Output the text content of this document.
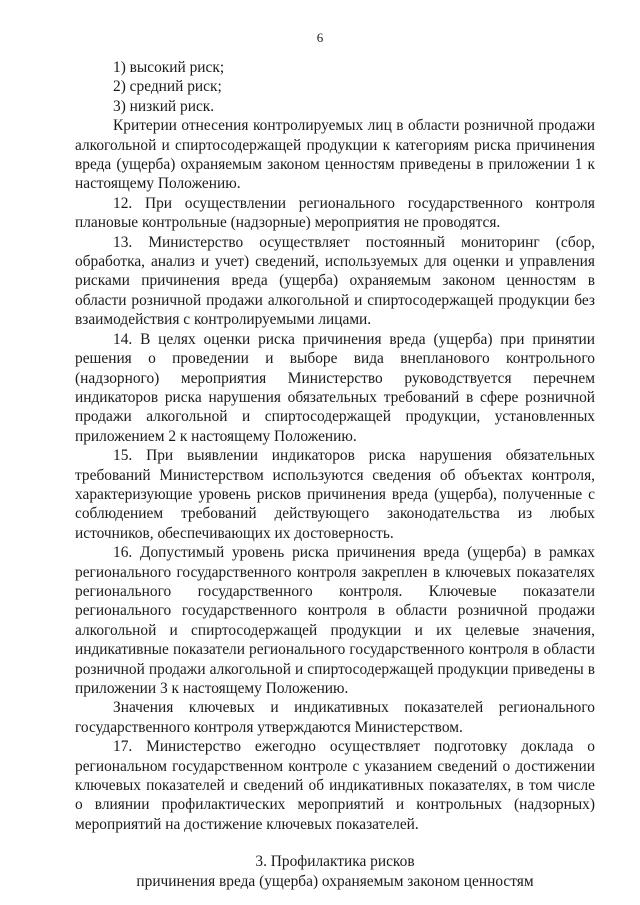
6

1) высокий риск;

2) средний риск;

3) низкий риск.

Критерии отнесения контролируемых лиц в области розничной продажи алкогольной и спиртосодержащей продукции к категориям риска причинения вреда (ущерба) охраняемым законом ценностям приведены в приложении 1 к настоящему Положению.

12. При осуществлении регионального государственного контроля плановые контрольные (надзорные) мероприятия не проводятся.

13. Министерство осуществляет постоянный мониторинг (сбор, обработка, анализ и учет) сведений, используемых для оценки и управления рисками причинения вреда (ущерба) охраняемым законом ценностям в области розничной продажи алкогольной и спиртосодержащей продукции без взаимодействия с контролируемыми лицами.

14. В целях оценки риска причинения вреда (ущерба) при принятии решения о проведении и выборе вида внепланового контрольного (надзорного) мероприятия Министерство руководствуется перечнем индикаторов риска нарушения обязательных требований в сфере розничной продажи алкогольной и спиртосодержащей продукции, установленных приложением 2 к настоящему Положению.

15. При выявлении индикаторов риска нарушения обязательных требований Министерством используются сведения об объектах контроля, характеризующие уровень рисков причинения вреда (ущерба), полученные с соблюдением требований действующего законодательства из любых источников, обеспечивающих их достоверность.

16. Допустимый уровень риска причинения вреда (ущерба) в рамках регионального государственного контроля закреплен в ключевых показателях регионального государственного контроля. Ключевые показатели регионального государственного контроля в области розничной продажи алкогольной и спиртосодержащей продукции и их целевые значения, индикативные показатели регионального государственного контроля в области розничной продажи алкогольной и спиртосодержащей продукции приведены в приложении 3 к настоящему Положению.

Значения ключевых и индикативных показателей регионального государственного контроля утверждаются Министерством.

17. Министерство ежегодно осуществляет подготовку доклада о региональном государственном контроле с указанием сведений о достижении ключевых показателей и сведений об индикативных показателях, в том числе о влиянии профилактических мероприятий и контрольных (надзорных) мероприятий на достижение ключевых показателей.

3. Профилактика рисков

причинения вреда (ущерба) охраняемым законом ценностям
